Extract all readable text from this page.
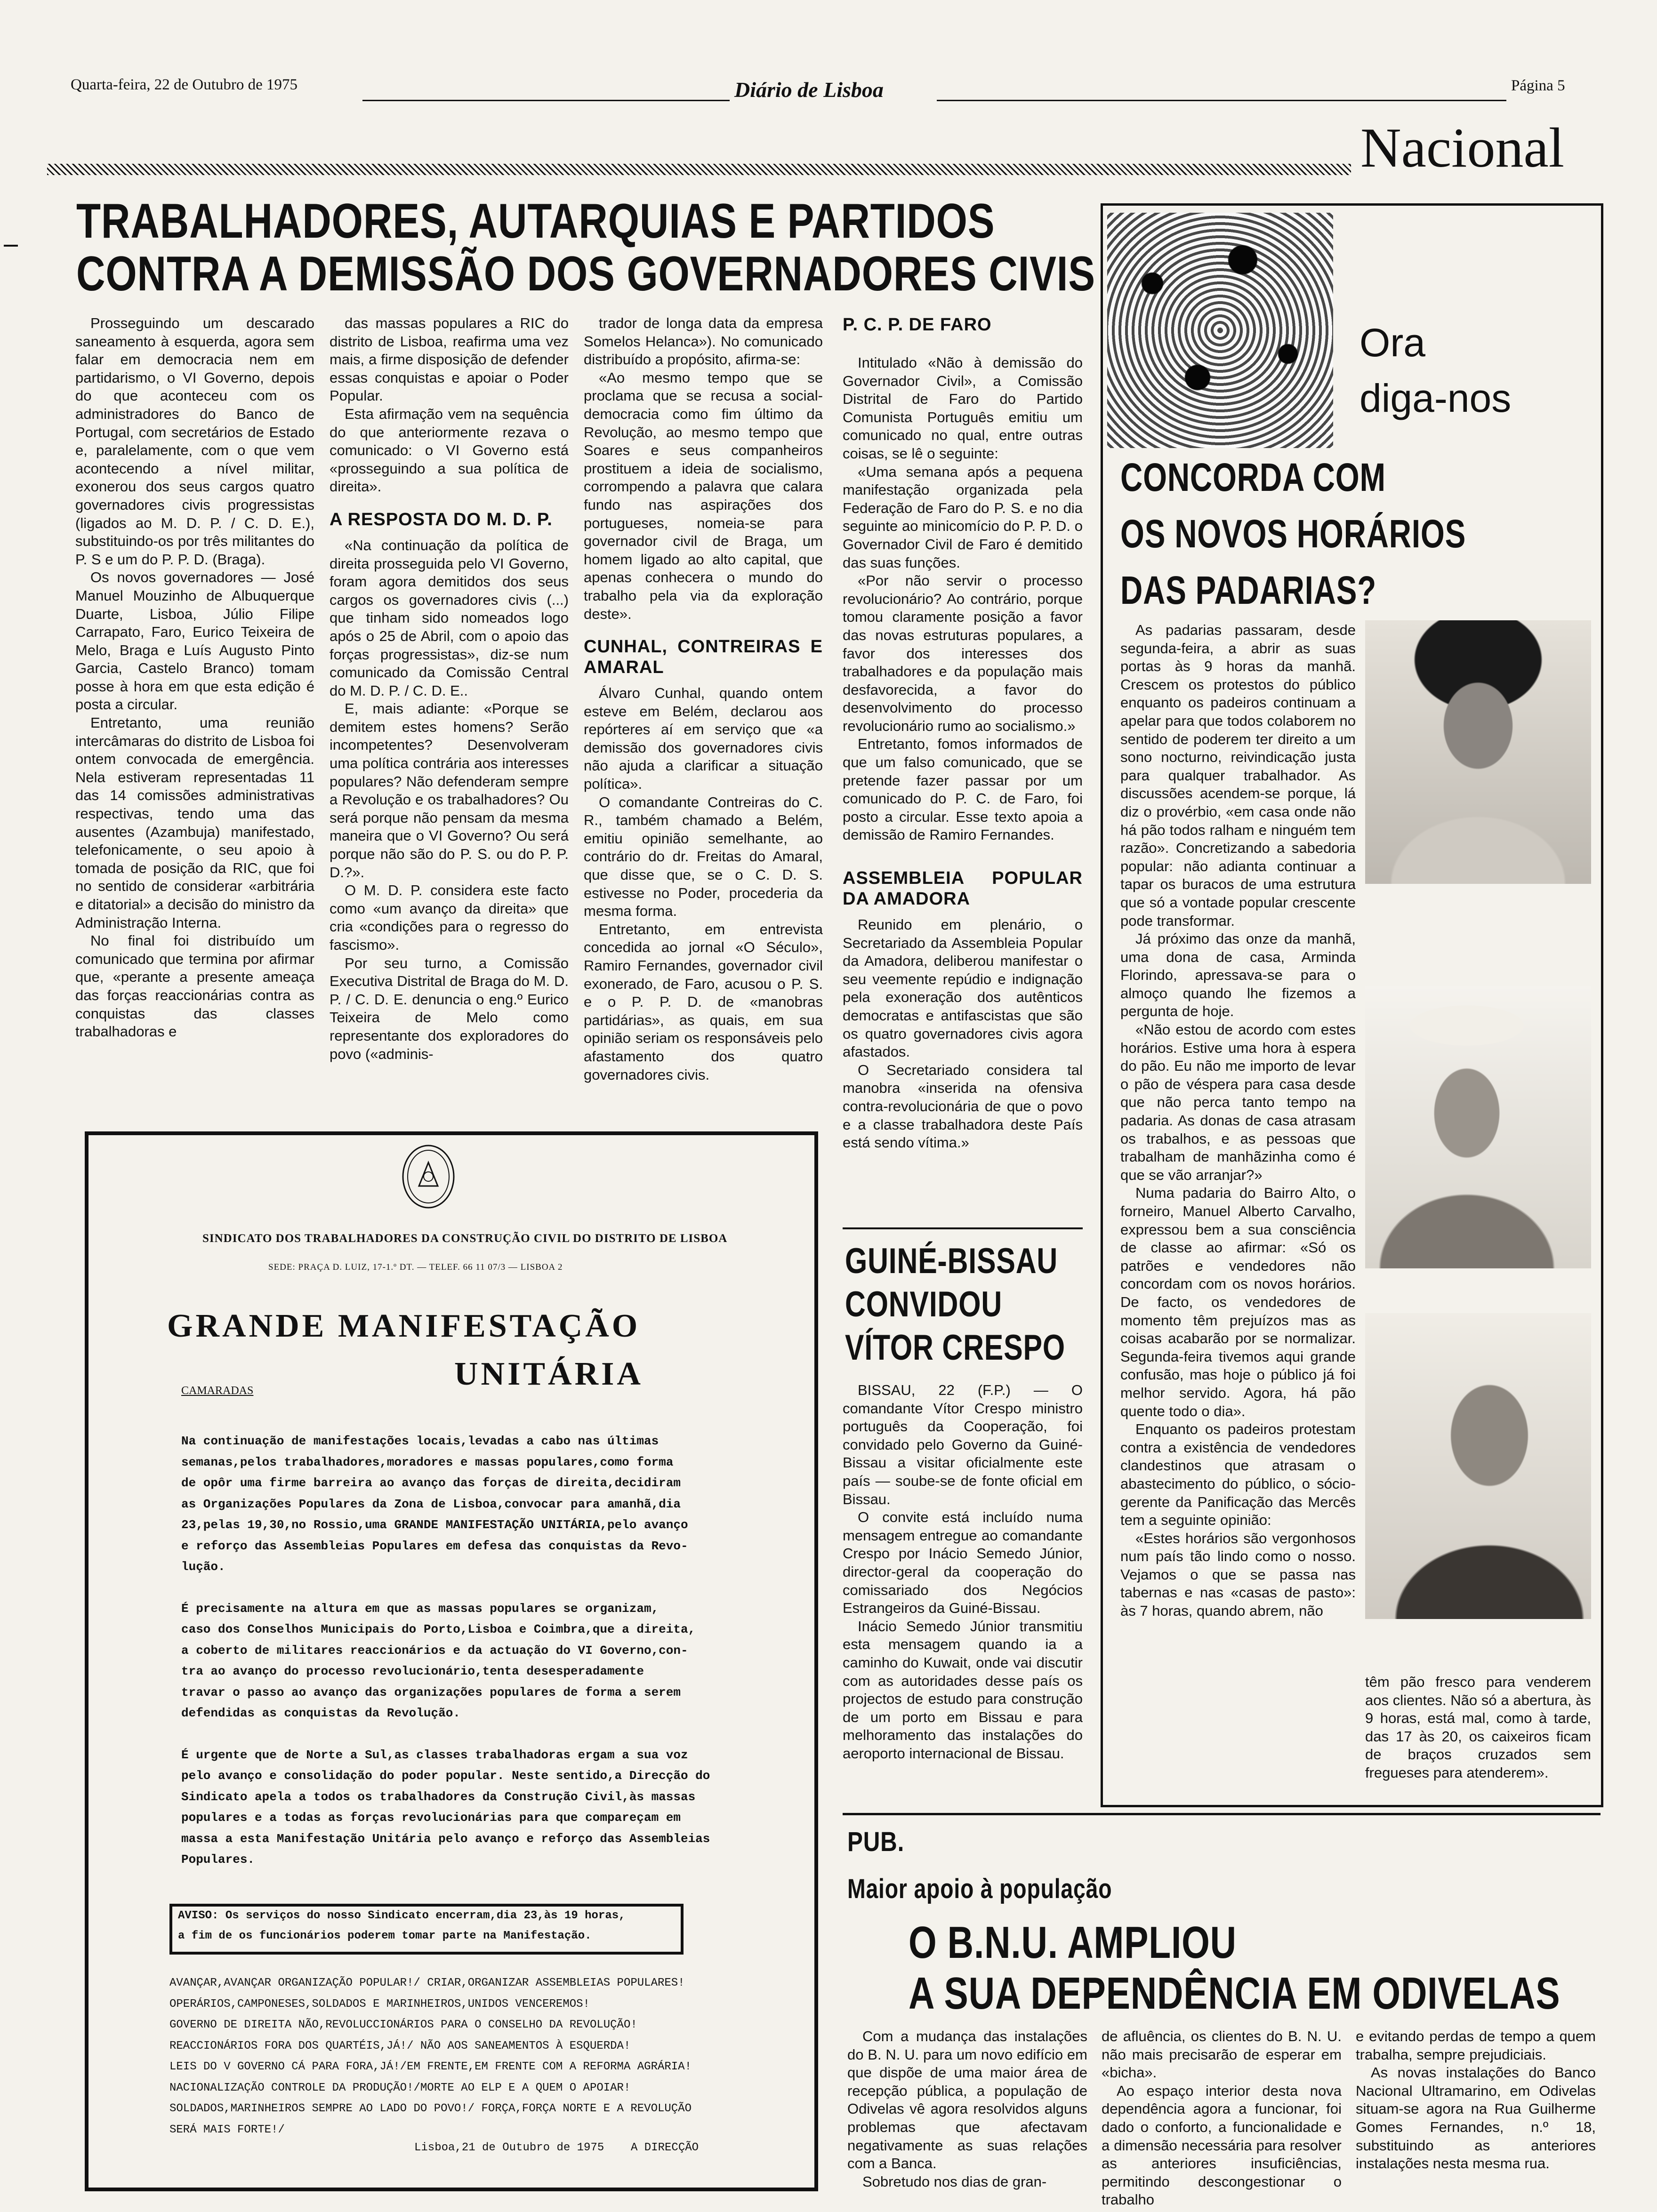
Quarta-feira, 22 de Outubro de 1975	Diário de Lisboa	Página 5
Nacional
TRABALHADORES, AUTARQUIAS E PARTIDOS
CONTRA A DEMISSÃO DOS GOVERNADORES CIVIS

Prosseguindo um descarado saneamento à esquerda, agora sem falar em democracia nem em partidarismo, o VI Governo, depois do que aconteceu com os administradores do Banco de Portugal, com secretários de Estado e, paralelamente, com o que vem acontecendo a nível militar, exonerou dos seus cargos quatro governadores civis progressistas (ligados ao M. D. P. / C. D. E.), substituindo-os por três militantes do P. S e um do P. P. D. (Braga).

Os novos governadores — José Manuel Mouzinho de Albuquerque Duarte, Lisboa, Júlio Filipe Carrapato, Faro, Eurico Teixeira de Melo, Braga e Luís Augusto Pinto Garcia, Castelo Branco) tomam posse à hora em que esta edição é posta a circular.

Entretanto, uma reunião intercâmaras do distrito de Lisboa foi ontem convocada de emergência. Nela estiveram representadas 11 das 14 comissões administrativas respectivas, tendo uma das ausentes (Azambuja) manifestado, telefonicamente, o seu apoio à tomada de posição da RIC, que foi no sentido de considerar «arbitrária e ditatorial» a decisão do ministro da Administração Interna.

No final foi distribuído um comunicado que termina por afirmar que, «perante a presente ameaça das forças reaccionárias contra as conquistas das classes trabalhadoras e

das massas populares a RIC do distrito de Lisboa, reafirma uma vez mais, a firme disposição de defender essas conquistas e apoiar o Poder Popular.

Esta afirmação vem na sequência do que anteriormente rezava o comunicado: o VI Governo está «prosseguindo a sua política de direita».

A RESPOSTA DO M. D. P.

«Na continuação da política de direita prosseguida pelo VI Governo, foram agora demitidos dos seus cargos os governadores civis (...) que tinham sido nomeados logo após o 25 de Abril, com o apoio das forças progressistas», diz-se num comunicado da Comissão Central do M. D. P. / C. D. E..

E, mais adiante: «Porque se demitem estes homens? Serão incompetentes? Desenvolveram uma política contrária aos interesses populares? Não defenderam sempre a Revolução e os trabalhadores? Ou será porque não pensam da mesma maneira que o VI Governo? Ou será porque não são do P. S. ou do P. P. D.?».

O M. D. P. considera este facto como «um avanço da direita» que cria «condições para o regresso do fascismo».

Por seu turno, a Comissão Executiva Distrital de Braga do M. D. P. / C. D. E. denuncia o eng.º Eurico Teixeira de Melo como representante dos exploradores do povo («adminis-

trador de longa data da empresa Somelos Helanca»). No comunicado distribuído a propósito, afirma-se:

«Ao mesmo tempo que se proclama que se recusa a social-democracia como fim último da Revolução, ao mesmo tempo que Soares e seus companheiros prostituem a ideia de socialismo, corrompendo a palavra que calara fundo nas aspirações dos portugueses, nomeia-se para governador civil de Braga, um homem ligado ao alto capital, que apenas conhecera o mundo do trabalho pela via da exploração deste».

CUNHAL, CONTREIRAS E AMARAL

Álvaro Cunhal, quando ontem esteve em Belém, declarou aos repórteres aí em serviço que «a demissão dos governadores civis não ajuda a clarificar a situação política».

O comandante Contreiras do C. R., também chamado a Belém, emitiu opinião semelhante, ao contrário do dr. Freitas do Amaral, que disse que, se o C. D. S. estivesse no Poder, procederia da mesma forma.

Entretanto, em entrevista concedida ao jornal «O Século», Ramiro Fernandes, governador civil exonerado, de Faro, acusou o P. S. e o P. P. D. de «manobras partidárias», as quais, em sua opinião seriam os responsáveis pelo afastamento dos quatro governadores civis.

P. C. P. DE FARO

Intitulado «Não à demissão do Governador Civil», a Comissão Distrital de Faro do Partido Comunista Português emitiu um comunicado no qual, entre outras coisas, se lê o seguinte:

«Uma semana após a pequena manifestação organizada pela Federação de Faro do P. S. e no dia seguinte ao minicomício do P. P. D. o Governador Civil de Faro é demitido das suas funções.

«Por não servir o processo revolucionário? Ao contrário, porque tomou claramente posição a favor das novas estruturas populares, a favor dos interesses dos trabalhadores e da população mais desfavorecida, a favor do desenvolvimento do processo revolucionário rumo ao socialismo.»

Entretanto, fomos informados de que um falso comunicado, que se pretende fazer passar por um comunicado do P. C. de Faro, foi posto a circular. Esse texto apoia a demissão de Ramiro Fernandes.

ASSEMBLEIA POPULAR DA AMADORA

Reunido em plenário, o Secretariado da Assembleia Popular da Amadora, deliberou manifestar o seu veemente repúdio e indignação pela exoneração dos autênticos democratas e antifascistas que são os quatro governadores civis agora afastados.

O Secretariado considera tal manobra «inserida na ofensiva contra-revolucionária de que o povo e a classe trabalhadora deste País está sendo vítima.»

GUINÉ-BISSAU
CONVIDOU
VÍTOR CRESPO

BISSAU, 22 (F.P.) — O comandante Vítor Crespo ministro português da Cooperação, foi convidado pelo Governo da Guiné-Bissau a visitar oficialmente este país — soube-se de fonte oficial em Bissau.

O convite está incluído numa mensagem entregue ao comandante Crespo por Inácio Semedo Júnior, director-geral da cooperação do comissariado dos Negócios Estrangeiros da Guiné-Bissau.

Inácio Semedo Júnior transmitiu esta mensagem quando ia a caminho do Kuwait, onde vai discutir com as autoridades desse país os projectos de estudo para construção de um porto em Bissau e para melhoramento das instalações do aeroporto internacional de Bissau.

Ora
diga-nos
CONCORDA COM
OS NOVOS HORÁRIOS
DAS PADARIAS?

As padarias passaram, desde segunda-feira, a abrir as suas portas às 9 horas da manhã. Crescem os protestos do público enquanto os padeiros continuam a apelar para que todos colaborem no sentido de poderem ter direito a um sono nocturno, reivindicação justa para qualquer trabalhador. As discussões acendem-se porque, lá diz o provérbio, «em casa onde não há pão todos ralham e ninguém tem razão». Concretizando a sabedoria popular: não adianta continuar a tapar os buracos de uma estrutura que só a vontade popular crescente pode transformar.

Já próximo das onze da manhã, uma dona de casa, Arminda Florindo, apressava-se para o almoço quando lhe fizemos a pergunta de hoje.

«Não estou de acordo com estes horários. Estive uma hora à espera do pão. Eu não me importo de levar o pão de véspera para casa desde que não perca tanto tempo na padaria. As donas de casa atrasam os trabalhos, e as pessoas que trabalham de manhãzinha como é que se vão arranjar?»

Numa padaria do Bairro Alto, o forneiro, Manuel Alberto Carvalho, expressou bem a sua consciência de classe ao afirmar: «Só os patrões e vendedores não concordam com os novos horários. De facto, os vendedores de momento têm prejuízos mas as coisas acabarão por se normalizar. Segunda-feira tivemos aqui grande confusão, mas hoje o público já foi melhor servido. Agora, há pão quente todo o dia».

Enquanto os padeiros protestam contra a existência de vendedores clandestinos que atrasam o abastecimento do público, o sócio-gerente da Panificação das Mercês tem a seguinte opinião:

«Estes horários são vergonhosos num país tão lindo como o nosso. Vejamos o que se passa nas tabernas e nas «casas de pasto»: às 7 horas, quando abrem, não

têm pão fresco para venderem aos clientes. Não só a abertura, às 9 horas, está mal, como à tarde, das 17 às 20, os caixeiros ficam de braços cruzados sem fregueses para atenderem».

SINDICATO DOS TRABALHADORES DA CONSTRUÇÃO CIVIL DO DISTRITO DE LISBOA
SEDE: PRAÇA D. LUIZ, 17-1.º DT. — TELEF. 66 11 07/3 — LISBOA 2
GRANDE MANIFESTAÇÃO
UNITÁRIA
CAMARADAS

Na continuação de manifestações locais,levadas a cabo nas últimas

semanas,pelos trabalhadores,moradores e massas populares,como forma

de opôr uma firme barreira ao avanço das forças de direita,decidiram

as Organizações Populares da Zona de Lisboa,convocar para amanhã,dia

23,pelas 19,30,no Rossio,uma GRANDE MANIFESTAÇÃO UNITÁRIA,pelo avanço

e reforço das Assembleias Populares em defesa das conquistas da Revo-

lução.

É precisamente na altura em que as massas populares se organizam,

caso dos Conselhos Municipais do Porto,Lisboa e Coimbra,que a direita,

a coberto de militares reaccionários e da actuação do VI Governo,con-

tra ao avanço do processo revolucionário,tenta desesperadamente

travar o passo ao avanço das organizações populares de forma a serem

defendidas as conquistas da Revolução.

É urgente que de Norte a Sul,as classes trabalhadoras ergam a sua voz

pelo avanço e consolidação do poder popular. Neste sentido,a Direcção do

Sindicato apela a todos os trabalhadores da Construção Civil,às massas

populares e a todas as forças revolucionárias para que compareçam em

massa a esta Manifestação Unitária pelo avanço e reforço das Assembleias

Populares.

AVISO: Os serviços do nosso Sindicato encerram,dia 23,às 19 horas,
a fim de os funcionários poderem tomar parte na Manifestação.

AVANÇAR,AVANÇAR ORGANIZAÇÃO POPULAR!/ CRIAR,ORGANIZAR ASSEMBLEIAS POPULARES!

OPERÁRIOS,CAMPONESES,SOLDADOS E MARINHEIROS,UNIDOS VENCEREMOS!

GOVERNO DE DIREITA NÃO,REVOLUCCIONÁRIOS PARA O CONSELHO DA REVOLUÇÃO!

REACCIONÁRIOS FORA DOS QUARTÉIS,JÁ!/ NÃO AOS SANEAMENTOS À ESQUERDA!

LEIS DO V GOVERNO CÁ PARA FORA,JÁ!/EM FRENTE,EM FRENTE COM A REFORMA AGRÁRIA!

NACIONALIZAÇÃO CONTROLE DA PRODUÇÃO!/MORTE AO ELP E A QUEM O APOIAR!

SOLDADOS,MARINHEIROS SEMPRE AO LADO DO POVO!/ FORÇA,FORÇA NORTE E A REVOLUÇÃO

SERÁ MAIS FORTE!/

Lisboa,21 de Outubro de 1975 A DIRECÇÃO
PUB.
Maior apoio à população
O B.N.U. AMPLIOU
A SUA DEPENDÊNCIA EM ODIVELAS

Com a mudança das instalações do B. N. U. para um novo edifício em que dispõe de uma maior área de recepção pública, a população de Odivelas vê agora resolvidos alguns problemas que afectavam negativamente as suas relações com a Banca.

Sobretudo nos dias de gran-

de afluência, os clientes do B. N. U. não mais precisarão de esperar em «bicha».

Ao espaço interior desta nova dependência agora a funcionar, foi dado o conforto, a funcionalidade e a dimensão necessária para resolver as anteriores insuficiências, permitindo descongestionar o trabalho

e evitando perdas de tempo a quem trabalha, sempre prejudiciais.

As novas instalações do Banco Nacional Ultramarino, em Odivelas situam-se agora na Rua Guilherme Gomes Fernandes, n.º 18, substituindo as anteriores instalações nesta mesma rua.
